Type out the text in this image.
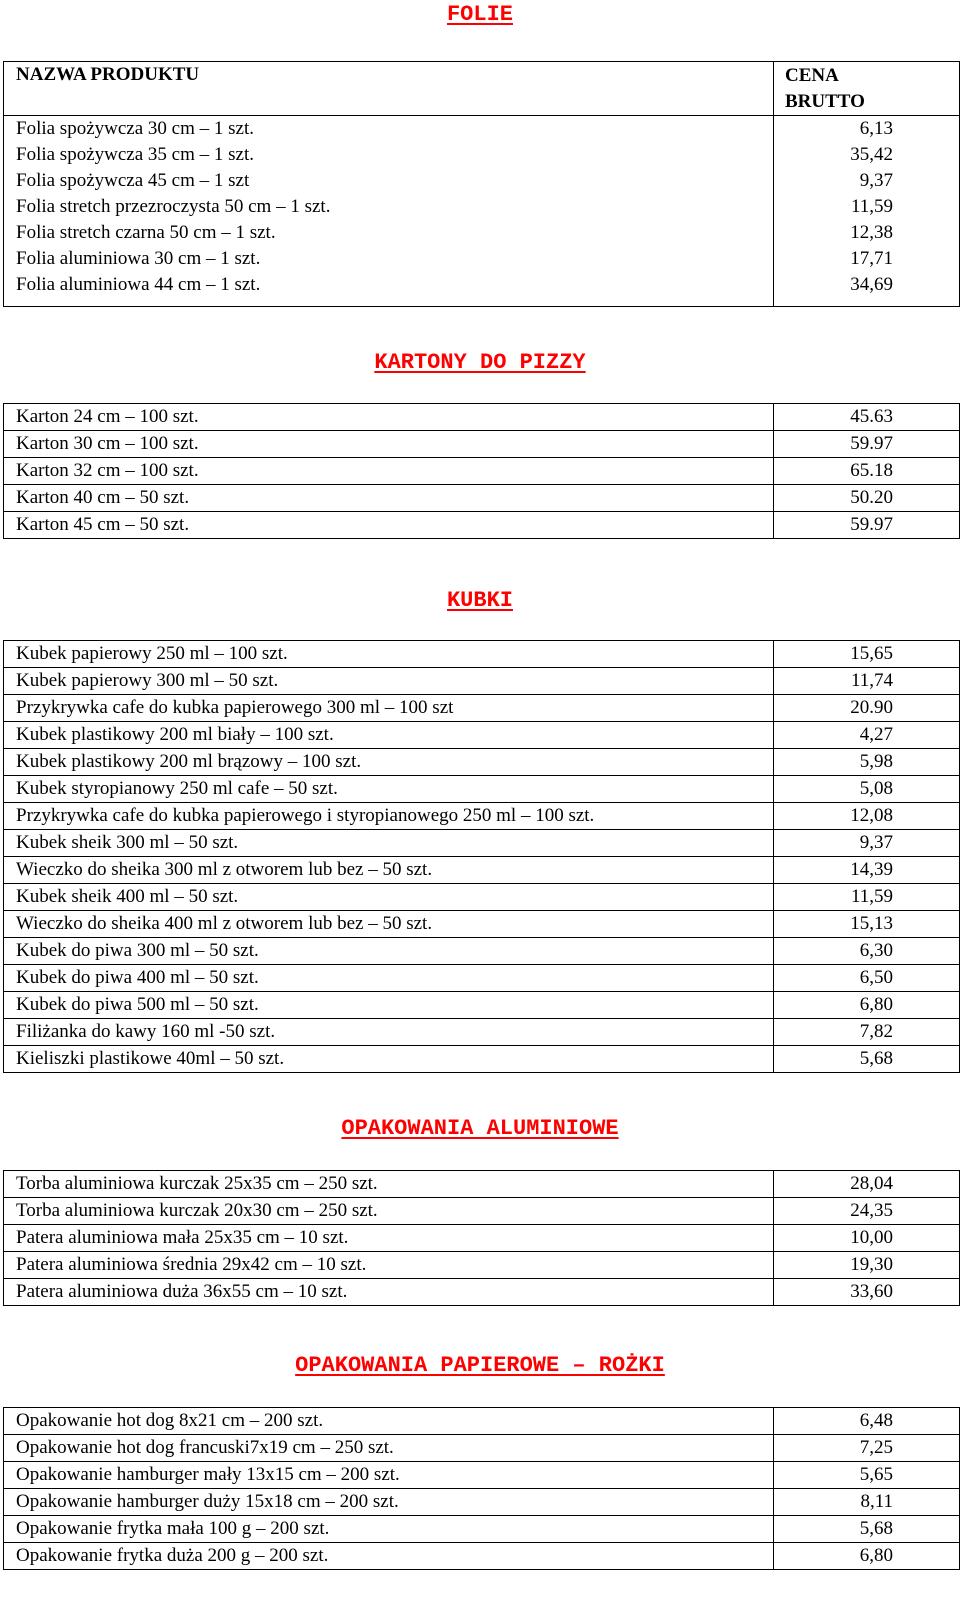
FOLIE
NAZWA PRODUKTU	CENA
BRUTTO

Folia spożywcza 30 cm – 1 szt.	6,13
Folia spożywcza 35 cm – 1 szt.	35,42
Folia spożywcza 45 cm – 1 szt	9,37
Folia stretch przezroczysta 50 cm – 1 szt.	11,59
Folia stretch czarna 50 cm – 1 szt.	12,38
Folia aluminiowa 30 cm – 1 szt.	17,71
Folia aluminiowa 44 cm – 1 szt.	34,69
KARTONY DO PIZZY
Karton 24 cm – 100 szt.	45.63
Karton 30 cm – 100 szt.	59.97
Karton 32 cm – 100 szt.	65.18
Karton 40 cm – 50 szt.	50.20
Karton 45 cm – 50 szt.	59.97
KUBKI
Kubek papierowy 250 ml – 100 szt.	15,65
Kubek papierowy 300 ml – 50 szt.	11,74
Przykrywka cafe do kubka papierowego 300 ml – 100 szt	20.90
Kubek plastikowy 200 ml biały – 100 szt.	4,27
Kubek plastikowy 200 ml brązowy – 100 szt.	5,98
Kubek styropianowy 250 ml cafe – 50 szt.	5,08
Przykrywka cafe do kubka papierowego i styropianowego 250 ml – 100 szt.	12,08
Kubek sheik 300 ml – 50 szt.	9,37
Wieczko do sheika 300 ml z otworem lub bez – 50 szt.	14,39
Kubek sheik 400 ml – 50 szt.	11,59
Wieczko do sheika 400 ml z otworem lub bez – 50 szt.	15,13
Kubek do piwa 300 ml – 50 szt.	6,30
Kubek do piwa 400 ml – 50 szt.	6,50
Kubek do piwa 500 ml – 50 szt.	6,80
Filiżanka do kawy 160 ml -50 szt.	7,82
Kieliszki plastikowe 40ml – 50 szt.	5,68
OPAKOWANIA ALUMINIOWE
Torba aluminiowa kurczak 25x35 cm – 250 szt.	28,04
Torba aluminiowa kurczak 20x30 cm – 250 szt.	24,35
Patera aluminiowa mała 25x35 cm – 10 szt.	10,00
Patera aluminiowa średnia 29x42 cm – 10 szt.	19,30
Patera aluminiowa duża 36x55 cm – 10 szt.	33,60
OPAKOWANIA PAPIEROWE – ROŻKI
Opakowanie hot dog 8x21 cm – 200 szt.	6,48
Opakowanie hot dog francuski7x19 cm – 250 szt.	7,25
Opakowanie hamburger mały 13x15 cm – 200 szt.	5,65
Opakowanie hamburger duży 15x18 cm – 200 szt.	8,11
Opakowanie frytka mała 100 g – 200 szt.	5,68
Opakowanie frytka duża 200 g – 200 szt.	6,80
